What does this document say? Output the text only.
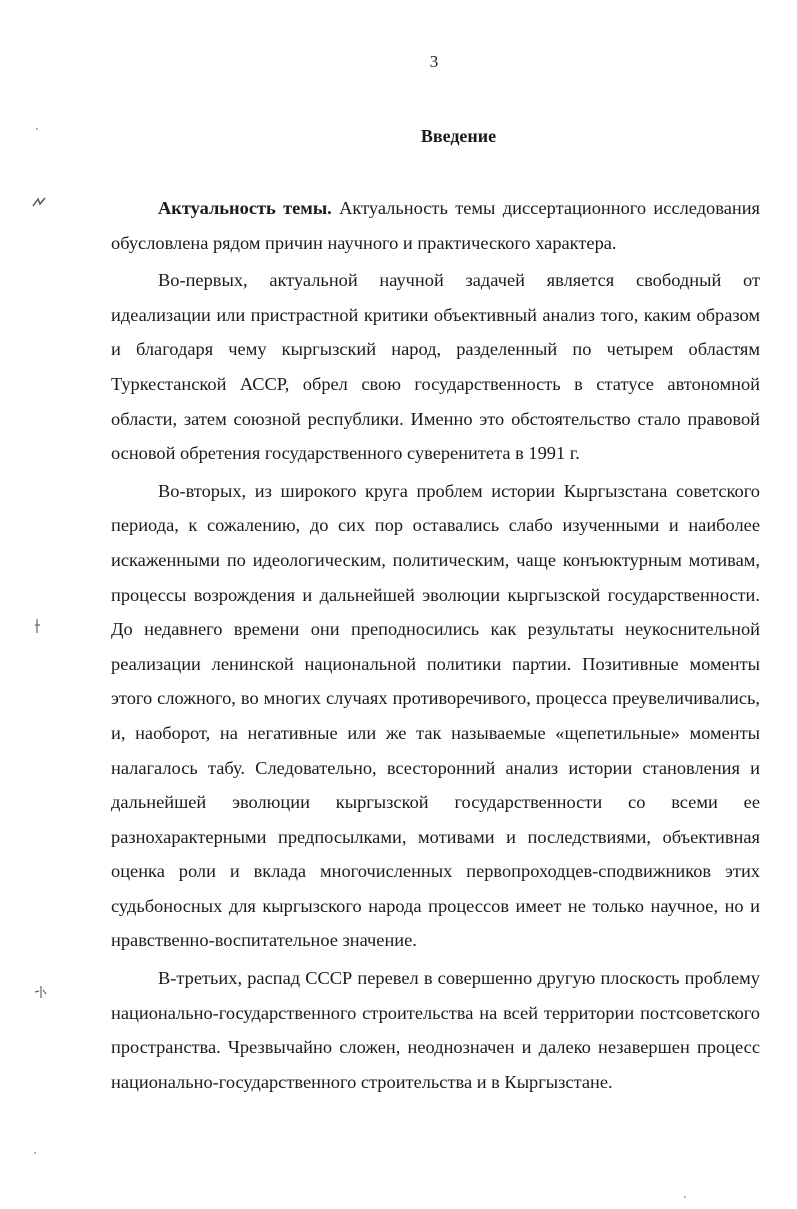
3
Введение

Актуальность темы. Актуальность темы диссертационного исследования обусловлена рядом причин научного и практического характера.

Во-первых, актуальной научной задачей является свободный от идеализации или пристрастной критики объективный анализ того, каким образом и благодаря чему кыргызский народ, разделенный по четырем областям Туркестанской АССР, обрел свою государственность в статусе автономной области, затем союзной республики. Именно это обстоятельство стало правовой основой обретения государственного суверенитета в 1991 г.

Во-вторых, из широкого круга проблем истории Кыргызстана советского периода, к сожалению, до сих пор оставались слабо изученными и наиболее искаженными по идеологическим, политическим, чаще конъюктурным мотивам, процессы возрождения и дальнейшей эволюции кыргызской государственности. До недавнего времени они преподносились как результаты неукоснительной реализации ленинской национальной политики партии. Позитивные моменты этого сложного, во многих случаях противоречивого, процесса преувеличивались, и, наоборот, на негативные или же так называемые «щепетильные» моменты налагалось табу. Следовательно, всесторонний анализ истории становления и дальнейшей эволюции кыргызской государственности со всеми ее разнохарактерными предпосылками, мотивами и последствиями, объективная оценка роли и вклада многочисленных первопроходцев-сподвижников этих судьбоносных для кыргызского народа процессов имеет не только научное, но и нравственно-воспитательное значение.

В-третьих, распад СССР перевел в совершенно другую плоскость проблему национально-государственного строительства на всей территории постсоветского пространства. Чрезвычайно сложен, неоднозначен и далеко незавершен процесс национально-государственного строительства и в Кыргызстане.
